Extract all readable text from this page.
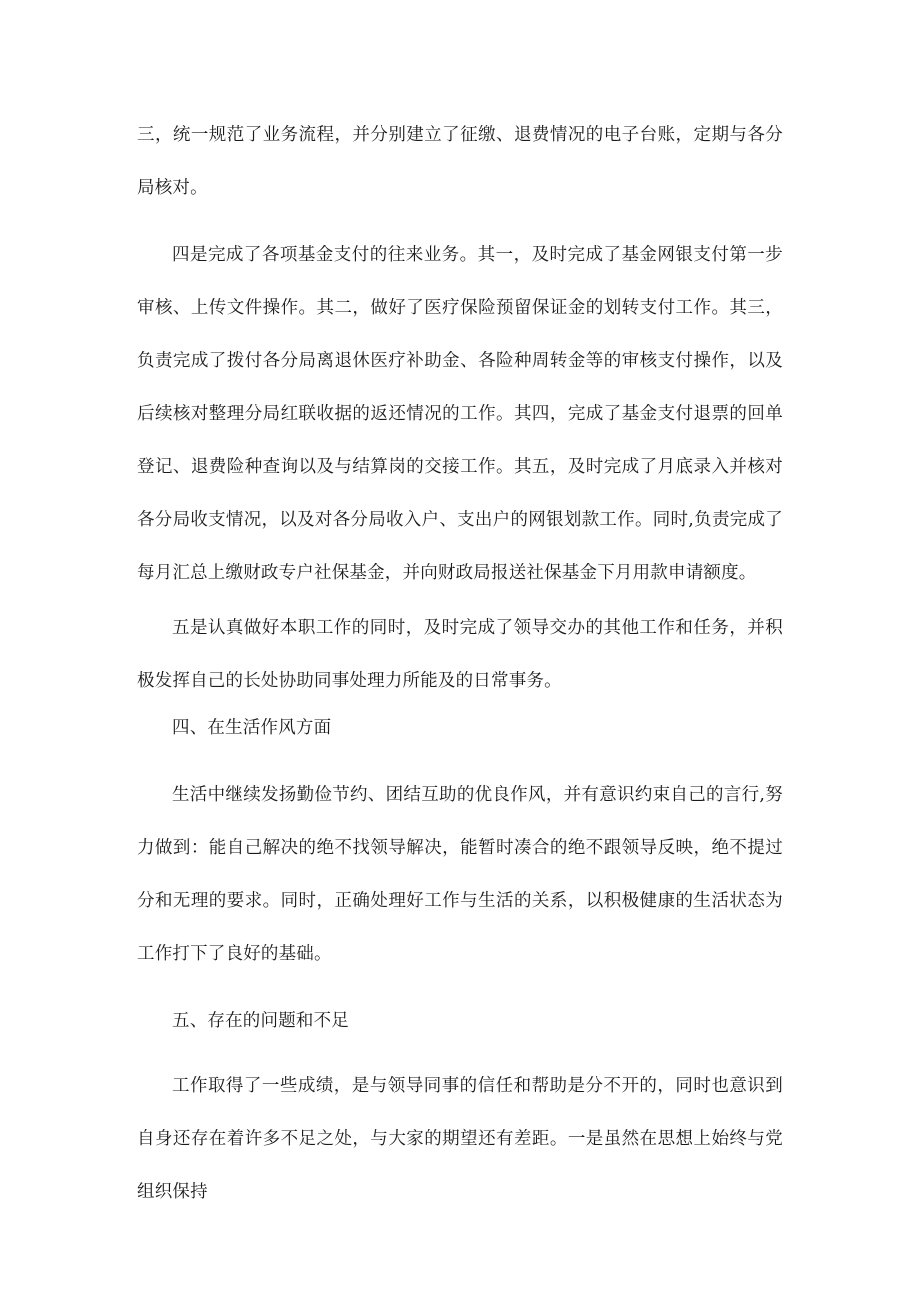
三，统一规范了业务流程，并分别建立了征缴、退费情况的电子台账，定期与各分局核对。

四是完成了各项基金支付的往来业务。其一，及时完成了基金网银支付第一步审核、上传文件操作。其二，做好了医疗保险预留保证金的划转支付工作。其三，负责完成了拨付各分局离退休医疗补助金、各险种周转金等的审核支付操作，以及后续核对整理分局红联收据的返还情况的工作。其四，完成了基金支付退票的回单登记、退费险种查询以及与结算岗的交接工作。其五，及时完成了月底录入并核对各分局收支情况，以及对各分局收入户、支出户的网银划款工作。同时,负责完成了每月汇总上缴财政专户社保基金，并向财政局报送社保基金下月用款申请额度。

五是认真做好本职工作的同时，及时完成了领导交办的其他工作和任务，并积极发挥自己的长处协助同事处理力所能及的日常事务。

四、在生活作风方面

生活中继续发扬勤俭节约、团结互助的优良作风，并有意识约束自己的言行,努力做到：能自己解决的绝不找领导解决，能暂时凑合的绝不跟领导反映，绝不提过分和无理的要求。同时，正确处理好工作与生活的关系，以积极健康的生活状态为工作打下了良好的基础。

五、存在的问题和不足

工作取得了一些成绩，是与领导同事的信任和帮助是分不开的，同时也意识到自身还存在着许多不足之处，与大家的期望还有差距。一是虽然在思想上始终与党组织保持
